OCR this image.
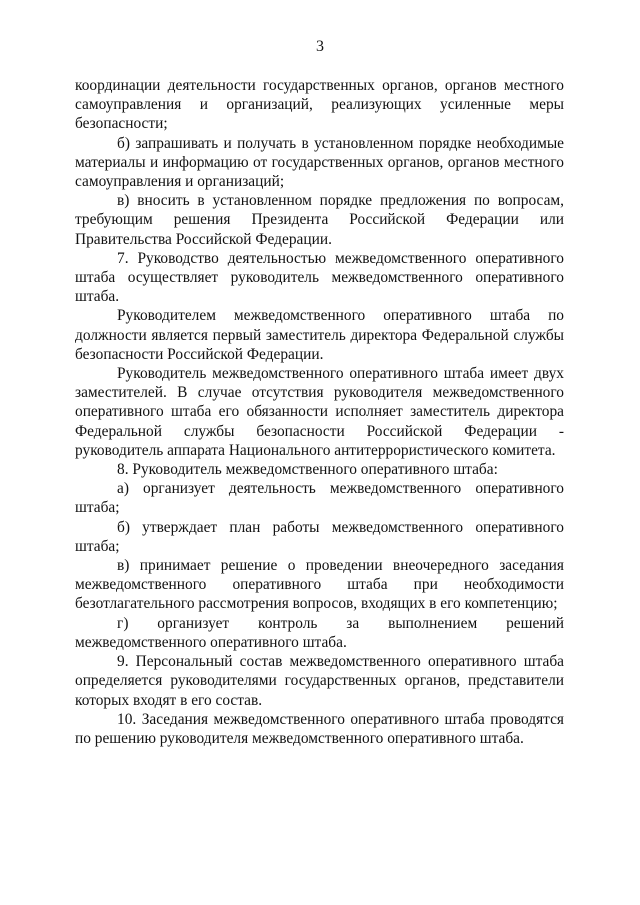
3

координации деятельности государственных органов, органов местного самоуправления и организаций, реализующих усиленные меры безопасности;

б) запрашивать и получать в установленном порядке необходимые материалы и информацию от государственных органов, органов местного самоуправления и организаций;

в) вносить в установленном порядке предложения по вопросам, требующим решения Президента Российской Федерации или Правительства Российской Федерации.

7. Руководство деятельностью межведомственного оперативного штаба осуществляет руководитель межведомственного оперативного штаба.

Руководителем межведомственного оперативного штаба по должности является первый заместитель директора Федеральной службы безопасности Российской Федерации.

Руководитель межведомственного оперативного штаба имеет двух заместителей. В случае отсутствия руководителя межведомственного оперативного штаба его обязанности исполняет заместитель директора Федеральной службы безопасности Российской Федерации - руководитель аппарата Национального антитеррористического комитета.

8. Руководитель межведомственного оперативного штаба:

а) организует деятельность межведомственного оперативного штаба;

б) утверждает план работы межведомственного оперативного штаба;

в) принимает решение о проведении внеочередного заседания межведомственного оперативного штаба при необходимости безотлагательного рассмотрения вопросов, входящих в его компетенцию;

г) организует контроль за выполнением решений межведомственного оперативного штаба.

9. Персональный состав межведомственного оперативного штаба определяется руководителями государственных органов, представители которых входят в его состав.

10. Заседания межведомственного оперативного штаба проводятся по решению руководителя межведомственного оперативного штаба.
